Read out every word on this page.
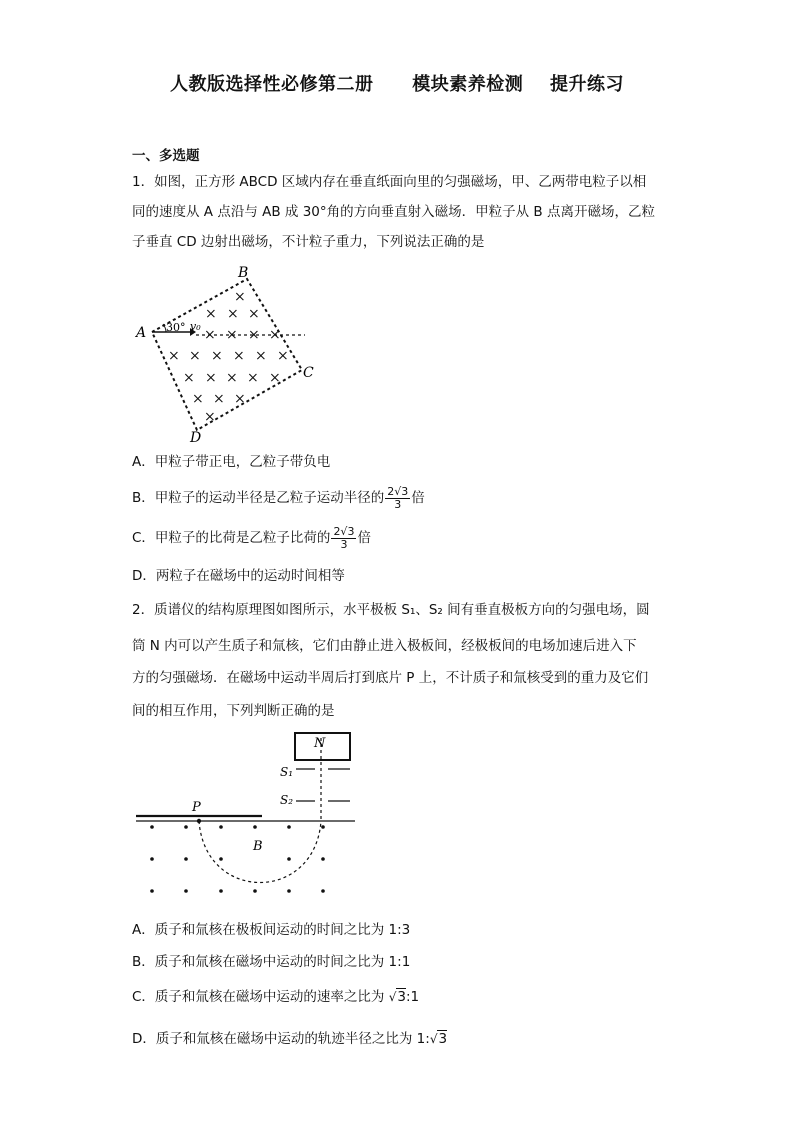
人教版选择性必修第二册 模块素养检测 提升练习
一、多选题
1．如图，正方形 ABCD 区域内存在垂直纸面向里的匀强磁场，甲、乙两带电粒子以相
同的速度从 A 点沿与 AB 成 30°角的方向垂直射入磁场．甲粒子从 B 点离开磁场，乙粒
子垂直 CD 边射出磁场，不计粒子重力，下列说法正确的是
30° v₀
A
B
C
D
×
× × ×
× × × ×
× × × × × ×
× × × × ×
× × ×
×
A．甲粒子带正电，乙粒子带负电
B．甲粒子的运动半径是乙粒子运动半径的 $\frac{2√3}{3}$ 倍
C．甲粒子的比荷是乙粒子比荷的 $\frac{2√3}{3}$ 倍
D．两粒子在磁场中的运动时间相等
2．质谱仪的结构原理图如图所示，水平极板 S₁、S₂ 间有垂直极板方向的匀强电场，圆
筒 N 内可以产生质子和氚核，它们由静止进入极板间，经极板间的电场加速后进入下
方的匀强磁场．在磁场中运动半周后打到底片 P 上，不计质子和氚核受到的重力及它们
间的相互作用，下列判断正确的是
N
S₁
S₂
P
B
A．质子和氚核在极板间运动的时间之比为 1:3
B．质子和氚核在磁场中运动的时间之比为 1:1
C．质子和氚核在磁场中运动的速率之比为 √3:1
D．质子和氚核在磁场中运动的轨迹半径之比为 1:√3
